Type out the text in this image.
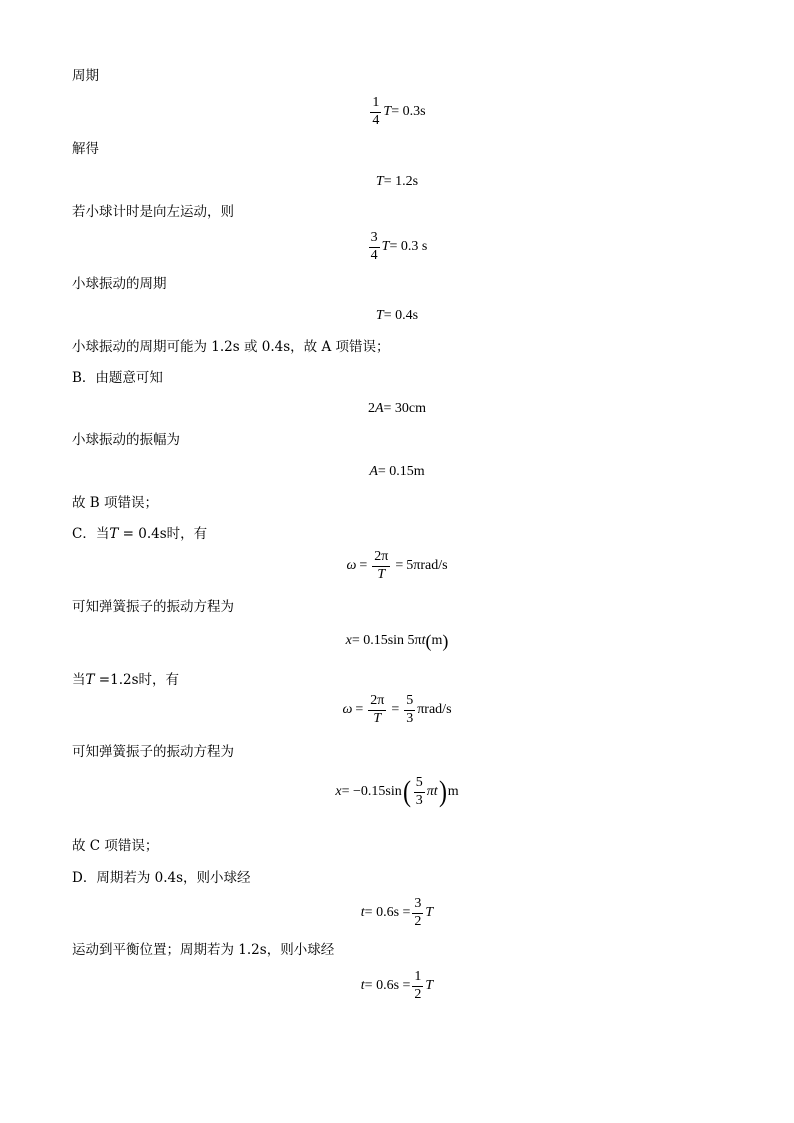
周期
$\frac{1}{4}$ T = 0.3s
解得
T = 1.2s
若小球计时是向左运动，则
$\frac{3}{4}$ T = 0.3 s
小球振动的周期
T = 0.4s
小球振动的周期可能为 1.2s 或 0.4s，故 A 项错误；
B．由题意可知
2 A = 30cm
小球振动的振幅为
A = 0.15m
故 B 项错误；
C．当T = 0.4s时，有
$\omega = \frac{2\pi}{T} = 5\pi$ rad/s
可知弹簧振子的振动方程为
x = 0.15sin 5π t ( m )
当T =1.2s时，有
$\omega = \frac{2\pi}{T} = \frac{5}{3} \pi rad/s$
可知弹簧振子的振动方程为
x = −0.15sin ( $\frac{5}{3}$ πt ) m
故 C 项错误；
D．周期若为 0.4s，则小球经
$t = 0.6s = \frac{3}{2}$ T
运动到平衡位置；周期若为 1.2s，则小球经
$t = 0.6s = \frac{1}{2}$ T
